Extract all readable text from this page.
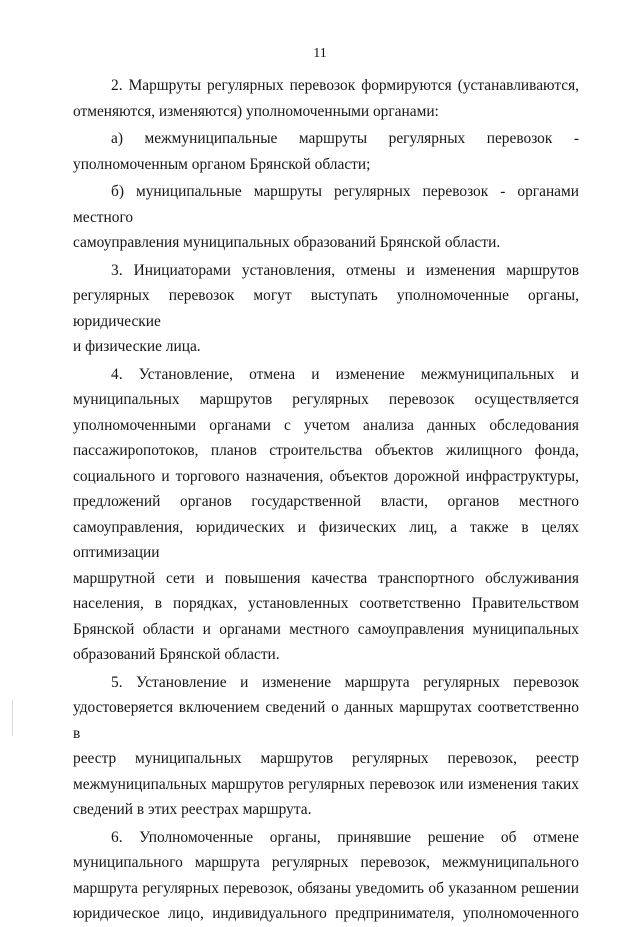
11
2. Маршруты регулярных перевозок формируются (устанавливаются,
отменяются, изменяются) уполномоченными органами:
а) межмуниципальные маршруты регулярных перевозок -
уполномоченным органом Брянской области;
б) муниципальные маршруты регулярных перевозок - органами местного
самоуправления муниципальных образований Брянской области.
3. Инициаторами установления, отмены и изменения маршрутов
регулярных перевозок могут выступать уполномоченные органы, юридические
и физические лица.
4. Установление, отмена и изменение межмуниципальных и
муниципальных маршрутов регулярных перевозок осуществляется
уполномоченными органами с учетом анализа данных обследования
пассажиропотоков, планов строительства объектов жилищного фонда,
социального и торгового назначения, объектов дорожной инфраструктуры,
предложений органов государственной власти, органов местного
самоуправления, юридических и физических лиц, а также в целях оптимизации
маршрутной сети и повышения качества транспортного обслуживания
населения, в порядках, установленных соответственно Правительством
Брянской области и органами местного самоуправления муниципальных
образований Брянской области.
5. Установление и изменение маршрута регулярных перевозок
удостоверяется включением сведений о данных маршрутах соответственно в
реестр муниципальных маршрутов регулярных перевозок, реестр
межмуниципальных маршрутов регулярных перевозок или изменения таких
сведений в этих реестрах маршрута.
6. Уполномоченные органы, принявшие решение об отмене
муниципального маршрута регулярных перевозок, межмуниципального
маршрута регулярных перевозок, обязаны уведомить об указанном решении
юридическое лицо, индивидуального предпринимателя, уполномоченного
